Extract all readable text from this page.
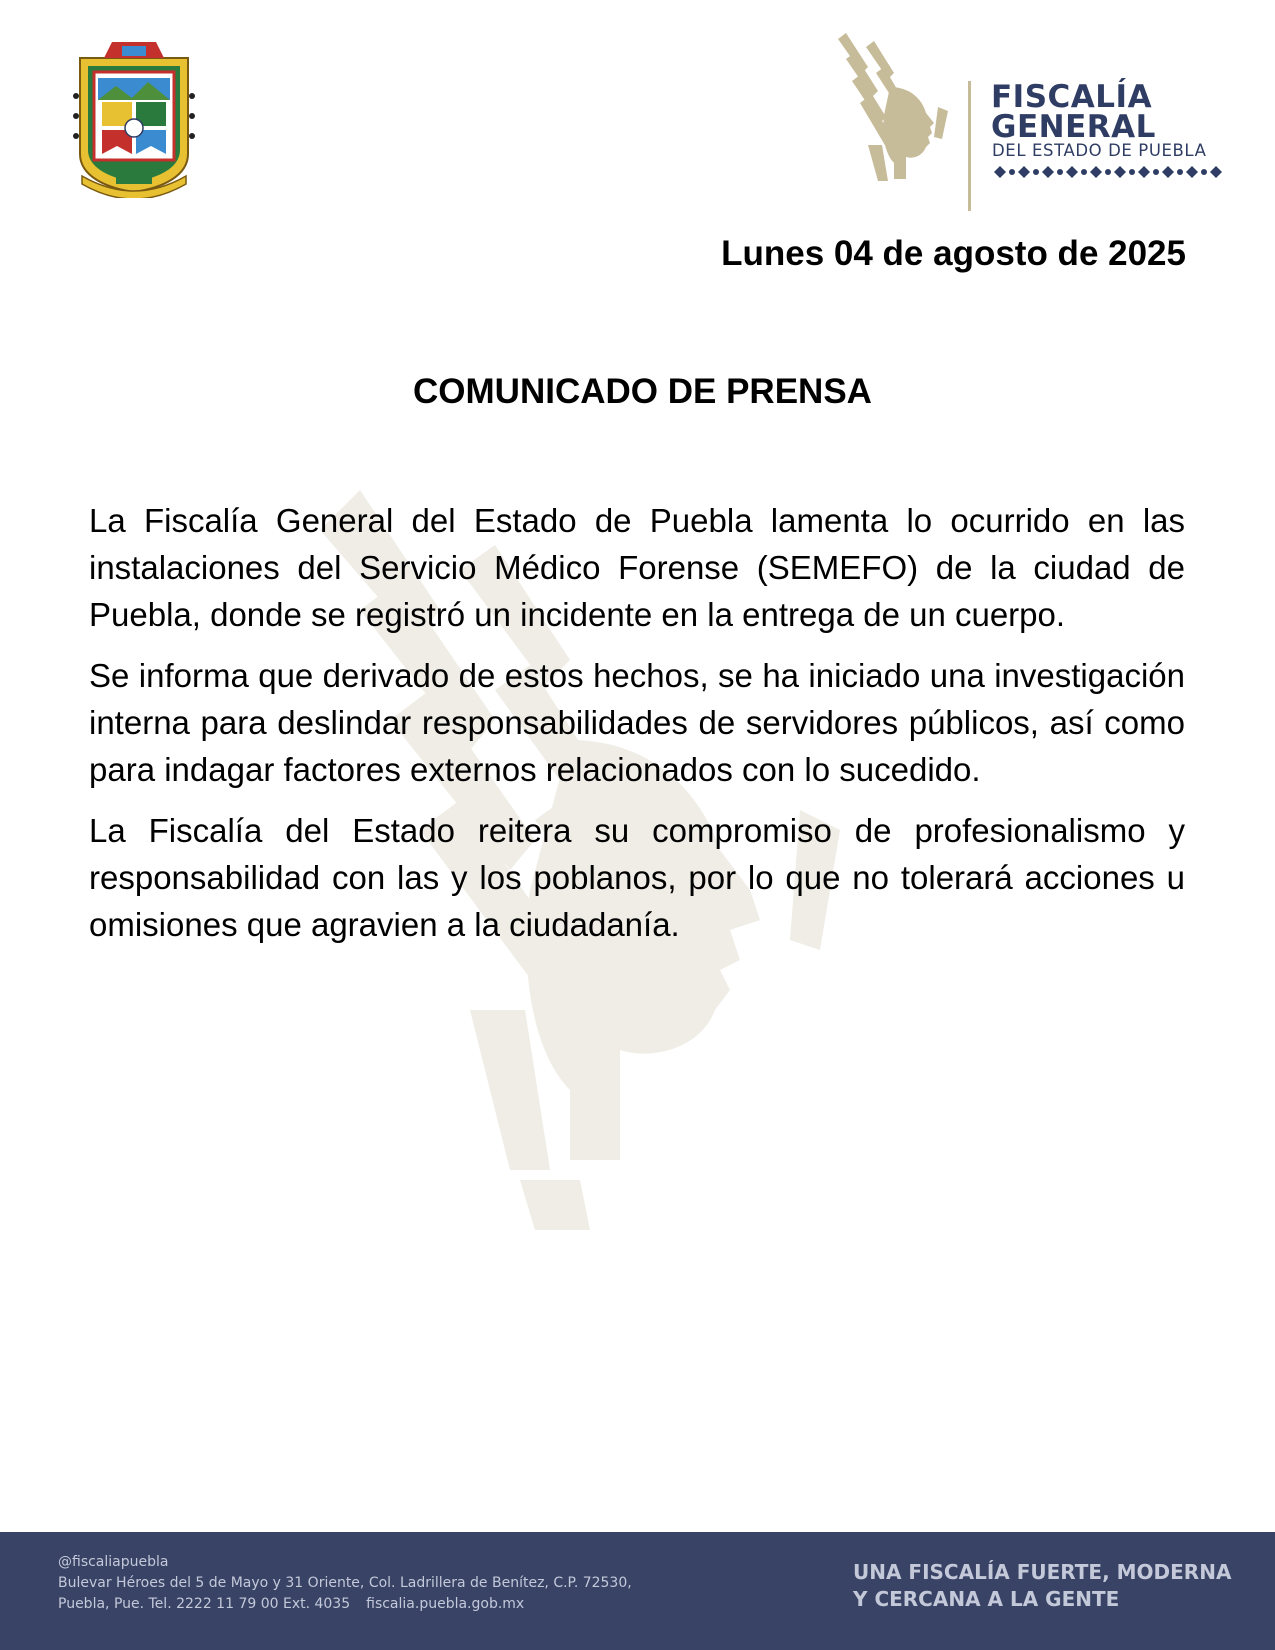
FISCALÍA
GENERAL
DEL ESTADO DE PUEBLA
Lunes 04 de agosto de 2025
COMUNICADO DE PRENSA

La Fiscalía General del Estado de Puebla lamenta lo ocurrido en las instalaciones del Servicio Médico Forense (SEMEFO) de la ciudad de Puebla, donde se registró un incidente en la entrega de un cuerpo.

Se informa que derivado de estos hechos, se ha iniciado una investigación interna para deslindar responsabilidades de servidores públicos, así como para indagar factores externos relacionados con lo sucedido.

La Fiscalía del Estado reitera su compromiso de profesionalismo y responsabilidad con las y los poblanos, por lo que no tolerará acciones u omisiones que agravien a la ciudadanía.

@fiscaliapuebla
Bulevar Héroes del 5 de Mayo y 31 Oriente, Col. Ladrillera de Benítez, C.P. 72530,
Puebla, Pue. Tel. 2222 11 79 00 Ext. 4035 fiscalia.puebla.gob.mx
UNA FISCALÍA FUERTE, MODERNA
Y CERCANA A LA GENTE
